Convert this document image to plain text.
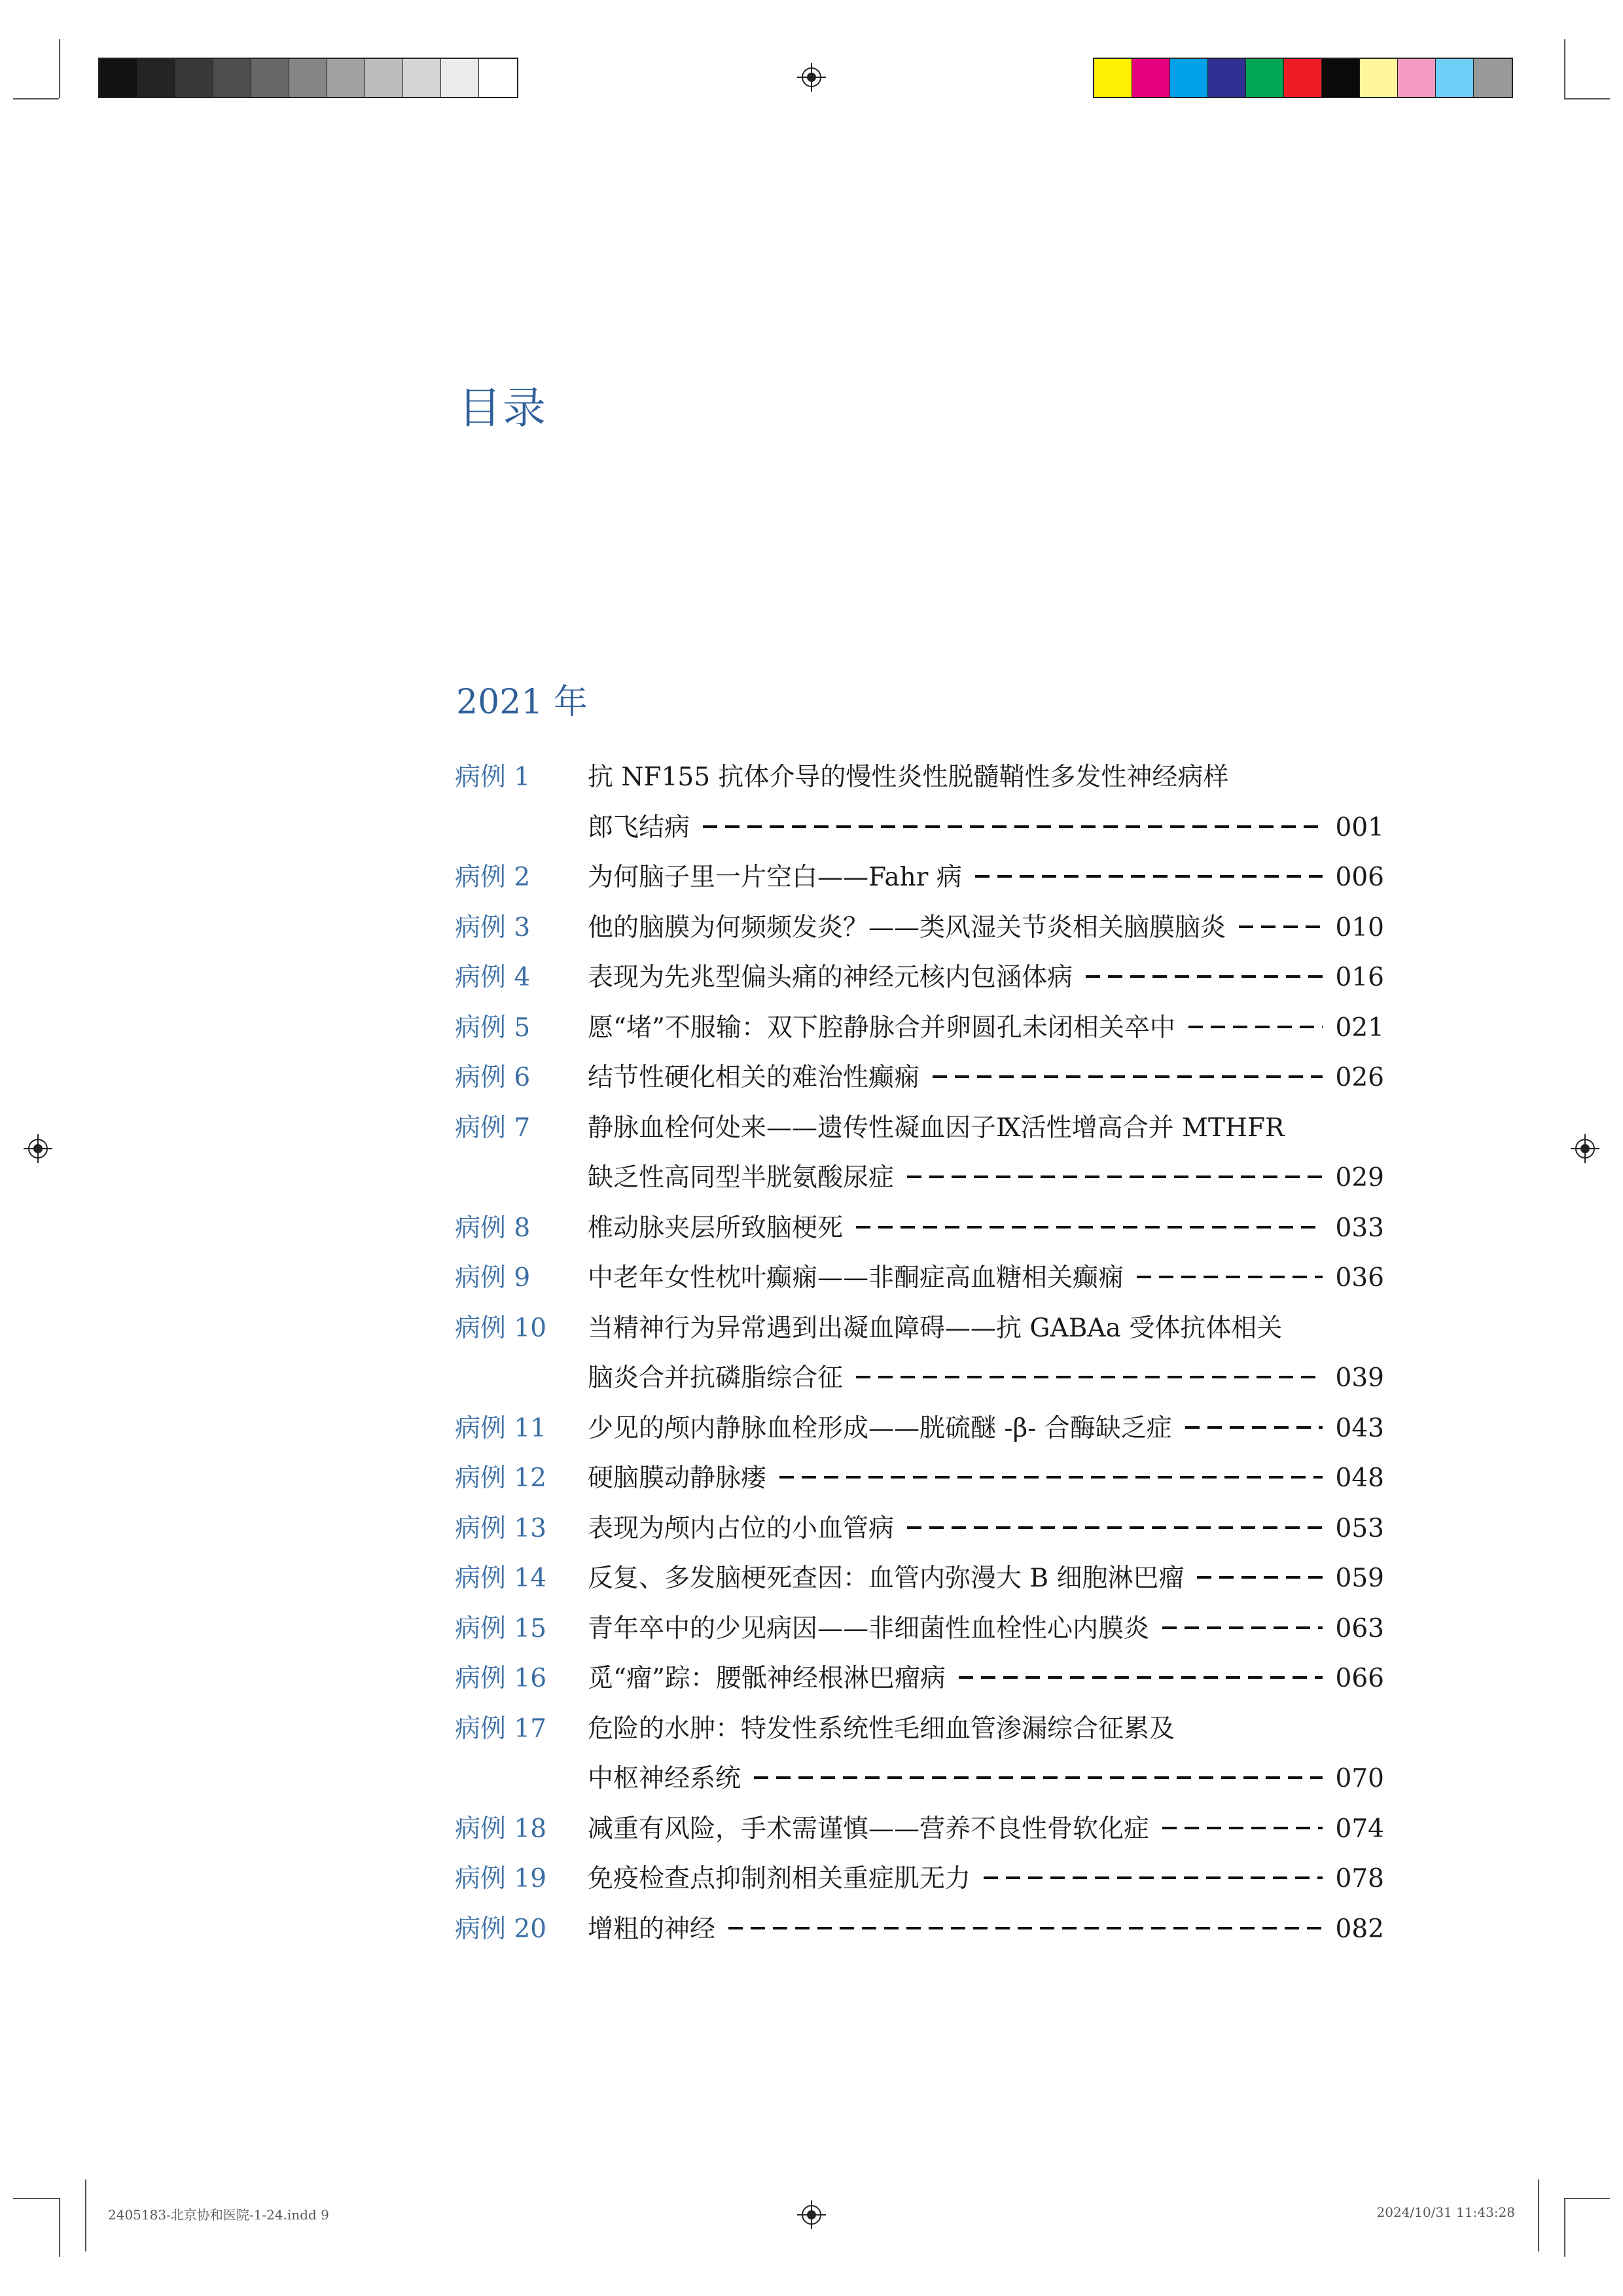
目录
2021 年
病例 1	抗 NF155 抗体介导的慢性炎性脱髓鞘性多发性神经病样
郎飞结病	001
病例 2	为何脑子里一片空白——Fahr 病	006
病例 3	他的脑膜为何频频发炎？——类风湿关节炎相关脑膜脑炎	010
病例 4	表现为先兆型偏头痛的神经元核内包涵体病	016
病例 5	愿“堵”不服输：双下腔静脉合并卵圆孔未闭相关卒中	021
病例 6	结节性硬化相关的难治性癫痫	026
病例 7	静脉血栓何处来——遗传性凝血因子Ⅸ活性增高合并 MTHFR
缺乏性高同型半胱氨酸尿症	029
病例 8	椎动脉夹层所致脑梗死	033
病例 9	中老年女性枕叶癫痫——非酮症高血糖相关癫痫	036
病例 10	当精神行为异常遇到出凝血障碍——抗 GABAa 受体抗体相关
脑炎合并抗磷脂综合征	039
病例 11	少见的颅内静脉血栓形成——胱硫醚 -β- 合酶缺乏症	043
病例 12	硬脑膜动静脉瘘	048
病例 13	表现为颅内占位的小血管病	053
病例 14	反复、多发脑梗死查因：血管内弥漫大 B 细胞淋巴瘤	059
病例 15	青年卒中的少见病因——非细菌性血栓性心内膜炎	063
病例 16	觅“瘤”踪：腰骶神经根淋巴瘤病	066
病例 17	危险的水肿：特发性系统性毛细血管渗漏综合征累及
中枢神经系统	070
病例 18	减重有风险，手术需谨慎——营养不良性骨软化症	074
病例 19	免疫检查点抑制剂相关重症肌无力	078
病例 20	增粗的神经	082
2405183-北京协和医院-1-24.indd 9	2024/10/31 11:43:28
